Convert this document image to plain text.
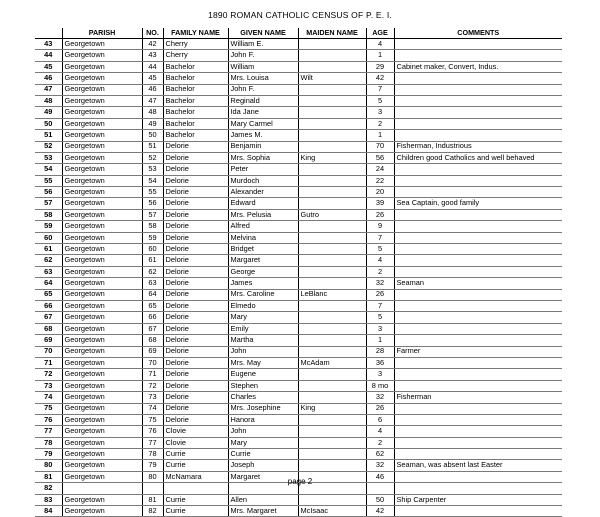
1890 ROMAN CATHOLIC CENSUS OF P. E. I.
	PARISH	NO.	FAMILY NAME	GIVEN NAME	MAIDEN NAME	AGE	COMMENTS
43	Georgetown	42	Cherry	William E.		4	
44	Georgetown	43	Cherry	John F.		1	
45	Georgetown	44	Bachelor	William		29	Cabinet maker, Convert, Indus.
46	Georgetown	45	Bachelor	Mrs. Louisa	Wilt	42	
47	Georgetown	46	Bachelor	John F.		7	
48	Georgetown	47	Bachelor	Reginald		5	
49	Georgetown	48	Bachelor	Ida Jane		3	
50	Georgetown	49	Bachelor	Mary Carmel		2	
51	Georgetown	50	Bachelor	James M.		1	
52	Georgetown	51	Delorie	Benjamin		70	Fisherman, Industrious
53	Georgetown	52	Delorie	Mrs. Sophia	King	56	Children good Catholics and well behaved
54	Georgetown	53	Delorie	Peter		24	
55	Georgetown	54	Delorie	Murdoch		22	
56	Georgetown	55	Delorie	Alexander		20	
57	Georgetown	56	Delorie	Edward		39	Sea Captain, good family
58	Georgetown	57	Delorie	Mrs. Pelusia	Gutro	26	
59	Georgetown	58	Delorie	Alfred		9	
60	Georgetown	59	Delorie	Melvina		7	
61	Georgetown	60	Delorie	Bridget		5	
62	Georgetown	61	Delorie	Margaret		4	
63	Georgetown	62	Delorie	George		2	
64	Georgetown	63	Delorie	James		32	Seaman
65	Georgetown	64	Delorie	Mrs. Caroline	LeBlanc	26	
66	Georgetown	65	Delorie	Elmedo		7	
67	Georgetown	66	Delorie	Mary		5	
68	Georgetown	67	Delorie	Emily		3	
69	Georgetown	68	Delorie	Martha		1	
70	Georgetown	69	Delorie	John		28	Farmer
71	Georgetown	70	Delorie	Mrs. May	McAdam	36	
72	Georgetown	71	Delorie	Eugene		3	
73	Georgetown	72	Delorie	Stephen		8 mo	
74	Georgetown	73	Delorie	Charles		32	Fisherman
75	Georgetown	74	Delorie	Mrs. Josephine	King	26	
76	Georgetown	75	Delorie	Hanora		6	
77	Georgetown	76	Clovie	John		4	
78	Georgetown	77	Clovie	Mary		2	
79	Georgetown	78	Currie	Currie		62	
80	Georgetown	79	Currie	Joseph		32	Seaman, was absent last Easter
81	Georgetown	80	McNamara	Margaret		46	
82							
83	Georgetown	81	Currie	Allen		50	Ship Carpenter
84	Georgetown	82	Currie	Mrs. Margaret	McIsaac	42	
page 2
